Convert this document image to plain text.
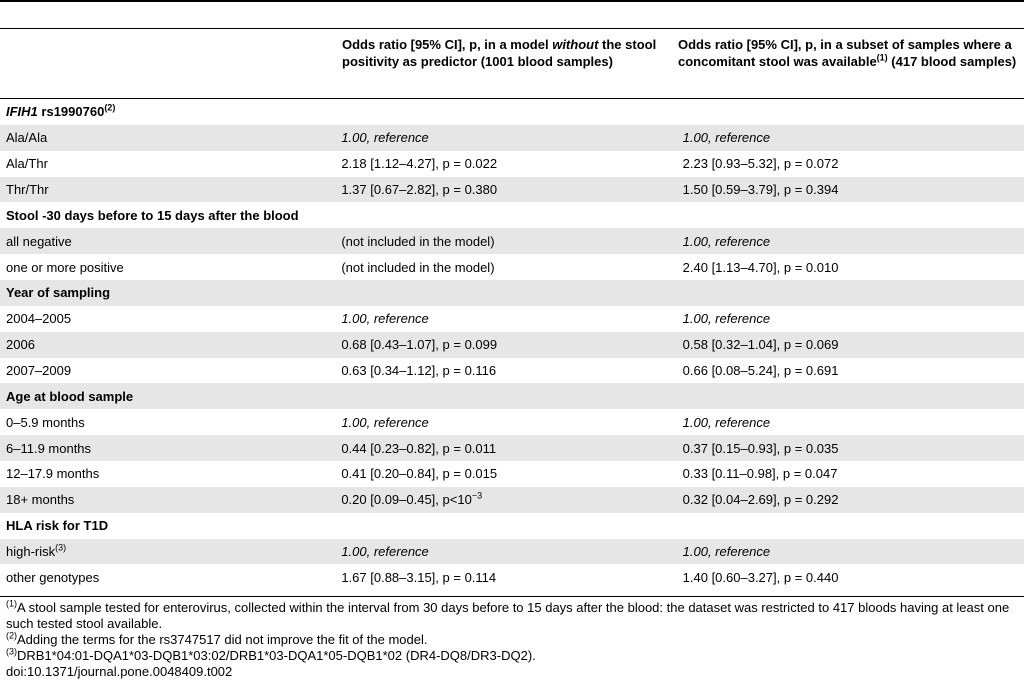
Odds ratio [95% CI], p, in a model without the stool positivity as predictor (1001 blood samples)
Odds ratio [95% CI], p, in a subset of samples where a concomitant stool was available$^{(1)}$ (417 blood samples)
IFIH1 rs1990760$^{(2)}$
Ala/Ala	1.00, reference	1.00, reference
Ala/Thr	2.18 [1.12–4.27], p = 0.022	2.23 [0.93–5.32], p = 0.072
Thr/Thr	1.37 [0.67–2.82], p = 0.380	1.50 [0.59–3.79], p = 0.394
Stool -30 days before to 15 days after the blood		
all negative	(not included in the model)	1.00, reference
one or more positive	(not included in the model)	2.40 [1.13–4.70], p = 0.010
Year of sampling		
2004–2005	1.00, reference	1.00, reference
2006	0.68 [0.43–1.07], p = 0.099	0.58 [0.32–1.04], p = 0.069
2007–2009	0.63 [0.34–1.12], p = 0.116	0.66 [0.08–5.24], p = 0.691
Age at blood sample		
0–5.9 months	1.00, reference	1.00, reference
6–11.9 months	0.44 [0.23–0.82], p = 0.011	0.37 [0.15–0.93], p = 0.035
12–17.9 months	0.41 [0.20–0.84], p = 0.015	0.33 [0.11–0.98], p = 0.047
18+ months	0.20 [0.09–0.45], $p<10^{-3}$	0.32 [0.04–2.69], p = 0.292
HLA risk for T1D		
high-risk$^{(3)}$	1.00, reference	1.00, reference
other genotypes	1.67 [0.88–3.15], p = 0.114	1.40 [0.60–3.27], p = 0.440

$^{(1)}$A stool sample tested for enterovirus, collected within the interval from 30 days before to 15 days after the blood: the dataset was restricted to 417 bloods having at least one such tested stool available.

$^{(2)}$Adding the terms for the rs3747517 did not improve the fit of the model.

$^{(3)}$DRB1*04:01-DQA1*03-DQB1*03:02/DRB1*03-DQA1*05-DQB1*02 (DR4-DQ8/DR3-DQ2).

doi:10.1371/journal.pone.0048409.t002
